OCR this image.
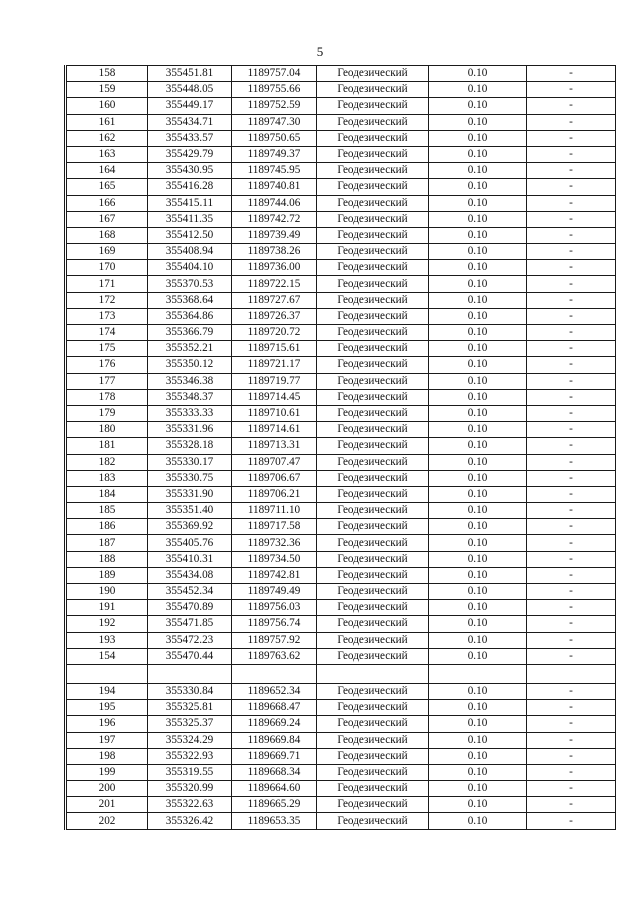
5
158	355451.81	1189757.04	Геодезический	0.10	-
159	355448.05	1189755.66	Геодезический	0.10	-
160	355449.17	1189752.59	Геодезический	0.10	-
161	355434.71	1189747.30	Геодезический	0.10	-
162	355433.57	1189750.65	Геодезический	0.10	-
163	355429.79	1189749.37	Геодезический	0.10	-
164	355430.95	1189745.95	Геодезический	0.10	-
165	355416.28	1189740.81	Геодезический	0.10	-
166	355415.11	1189744.06	Геодезический	0.10	-
167	355411.35	1189742.72	Геодезический	0.10	-
168	355412.50	1189739.49	Геодезический	0.10	-
169	355408.94	1189738.26	Геодезический	0.10	-
170	355404.10	1189736.00	Геодезический	0.10	-
171	355370.53	1189722.15	Геодезический	0.10	-
172	355368.64	1189727.67	Геодезический	0.10	-
173	355364.86	1189726.37	Геодезический	0.10	-
174	355366.79	1189720.72	Геодезический	0.10	-
175	355352.21	1189715.61	Геодезический	0.10	-
176	355350.12	1189721.17	Геодезический	0.10	-
177	355346.38	1189719.77	Геодезический	0.10	-
178	355348.37	1189714.45	Геодезический	0.10	-
179	355333.33	1189710.61	Геодезический	0.10	-
180	355331.96	1189714.61	Геодезический	0.10	-
181	355328.18	1189713.31	Геодезический	0.10	-
182	355330.17	1189707.47	Геодезический	0.10	-
183	355330.75	1189706.67	Геодезический	0.10	-
184	355331.90	1189706.21	Геодезический	0.10	-
185	355351.40	1189711.10	Геодезический	0.10	-
186	355369.92	1189717.58	Геодезический	0.10	-
187	355405.76	1189732.36	Геодезический	0.10	-
188	355410.31	1189734.50	Геодезический	0.10	-
189	355434.08	1189742.81	Геодезический	0.10	-
190	355452.34	1189749.49	Геодезический	0.10	-
191	355470.89	1189756.03	Геодезический	0.10	-
192	355471.85	1189756.74	Геодезический	0.10	-
193	355472.23	1189757.92	Геодезический	0.10	-
154	355470.44	1189763.62	Геодезический	0.10	-

194	355330.84	1189652.34	Геодезический	0.10	-
195	355325.81	1189668.47	Геодезический	0.10	-
196	355325.37	1189669.24	Геодезический	0.10	-
197	355324.29	1189669.84	Геодезический	0.10	-
198	355322.93	1189669.71	Геодезический	0.10	-
199	355319.55	1189668.34	Геодезический	0.10	-
200	355320.99	1189664.60	Геодезический	0.10	-
201	355322.63	1189665.29	Геодезический	0.10	-
202	355326.42	1189653.35	Геодезический	0.10	-
